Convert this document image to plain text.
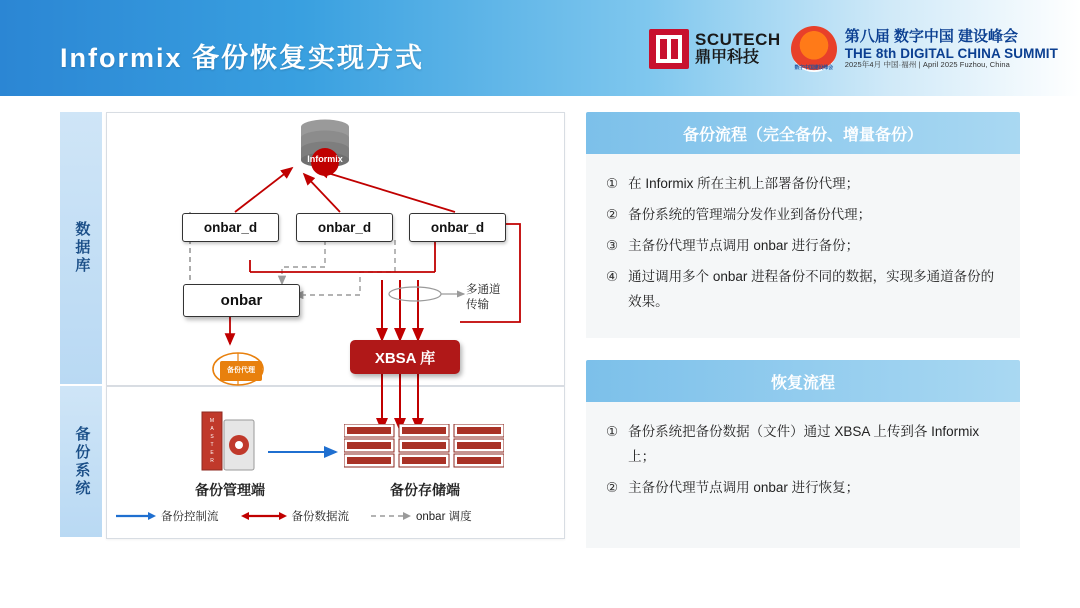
Informix 备份恢复实现方式
SCUTECH
鼎甲科技
数字中国建设峰会
第八届 数字中国 建设峰会
THE 8th DIGITAL CHINA SUMMIT
2025年4月 中国·福州 | April 2025 Fuzhou, China
数据库
备份系统
Informix
onbar_d	onbar_d	onbar_d
onbar
备份代理
XBSA 库
多通道
传输
M
A
S
T
E
R
备份管理端	备份存储端
备份控制流	备份数据流	onbar 调度
备份流程（完全备份、增量备份）
① 在 Informix 所在主机上部署备份代理；
② 备份系统的管理端分发作业到备份代理；
③ 主备份代理节点调用 onbar 进行备份；
④ 通过调用多个 onbar 进程备份不同的数据，实现多通道备份的效果。
恢复流程
① 备份系统把备份数据（文件）通过 XBSA 上传到各 Informix 上；
② 主备份代理节点调用 onbar 进行恢复；
